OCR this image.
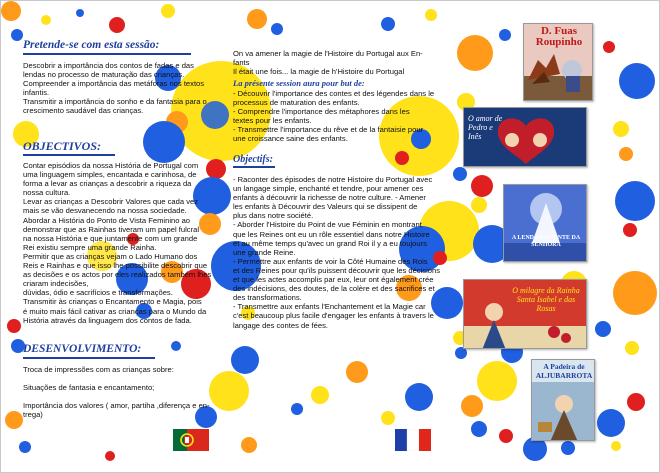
Pretende-se com esta sessão:

Descobrir a importância dos contos de fadas e das

lendas no processo de maturação das crianças.

Compreender a importância das metáforas nos textos

infantis.

Transmitir a importância do sonho e da fantasia para o

crescimento saudável das crianças.

OBJECTIVOS:

Contar episódios da nossa História de Portugal com

uma linguagem simples, encantada e carinhosa, de

forma a levar as crianças a descobrir a riqueza da

nossa cultura.

Levar as crianças a Descobrir Valores que cada vez

mais se vão desvanecendo na nossa sociedade.

Abordar a História do Ponto de Vista Feminino ao

demonstrar que as Rainhas tiveram um papel fulcral

na nossa História e que juntamente com um grande

Rei existiu sempre uma grande Rainha.

Permitir que as crianças vejam o Lado Humano dos

Reis e Rainhas e que isso lhe possibilite descobrir que

as decisões e os actos por eles realizados também lhes

criaram indecisões,

dúvidas, ódio e sacrifícios e transformações.

Transmitir às crianças o Encantamento e Magia, pois

é muito mais fácil cativar as crianças para o Mundo da

História através da linguagem dos contos de fada.

DESENVOLVIMENTO:

Troca de impressões com as crianças sobre:

Situações de fantasia e encantamento;

Importância dos valores ( amor, partiha ,diferença e en-

trega)

On va amener la magie de l'Histoire du Portugal aux En-

fants

Il était une fois... la magie de h'Histoire du Portugal

La présente session aura pour but de:

- Découvrir l'importance des contes et des légendes dans le

processus de maturation des enfants.

- Comprendre l'importance des métaphores dans les

textes pour les enfants.

- Transmettre l'importance du rêve et de la fantaisie pour

une croissance saine des enfants.

Objectifs:

- Raconter des épisodes de notre Histoire du Portugal avec

un langage simple, enchanté et tendre, pour amener ces

enfants à découvrir la richesse de notre culture. - Amener

les enfants à Découvrir des Valeurs qui se dissipent de

plus dans notre société.

- Aborder l'Histoire du Point de vue Féminin en montrant

que les Reines ont eu un rôle essentiel dans notre Histoire

et au même temps qu'avec un grand Roi il y a eu toujours

une grande Reine.

- Permettre aux enfants de voir la Côté Humaine des Rois

et des Reines pour qu'ils puissent découvrir que les décisions

et que les actes accomplis par eux, leur ont également crée

des indécisions, des doutes, de la colère et des sacrifices et

des transformations.

- Transmettre aux enfants l'Enchantement et la Magie car

c'est beaucoup plus facile d'engager les enfants à travers le

langage des contes de fées.

D. Fuas Roupinho
O amor de Pedro e Inês
A LENDA DA FONTE DA SENHORA
O milagre da Rainha Santa Isabel e das Rosas
A Padeira de ALJUBARROTA
